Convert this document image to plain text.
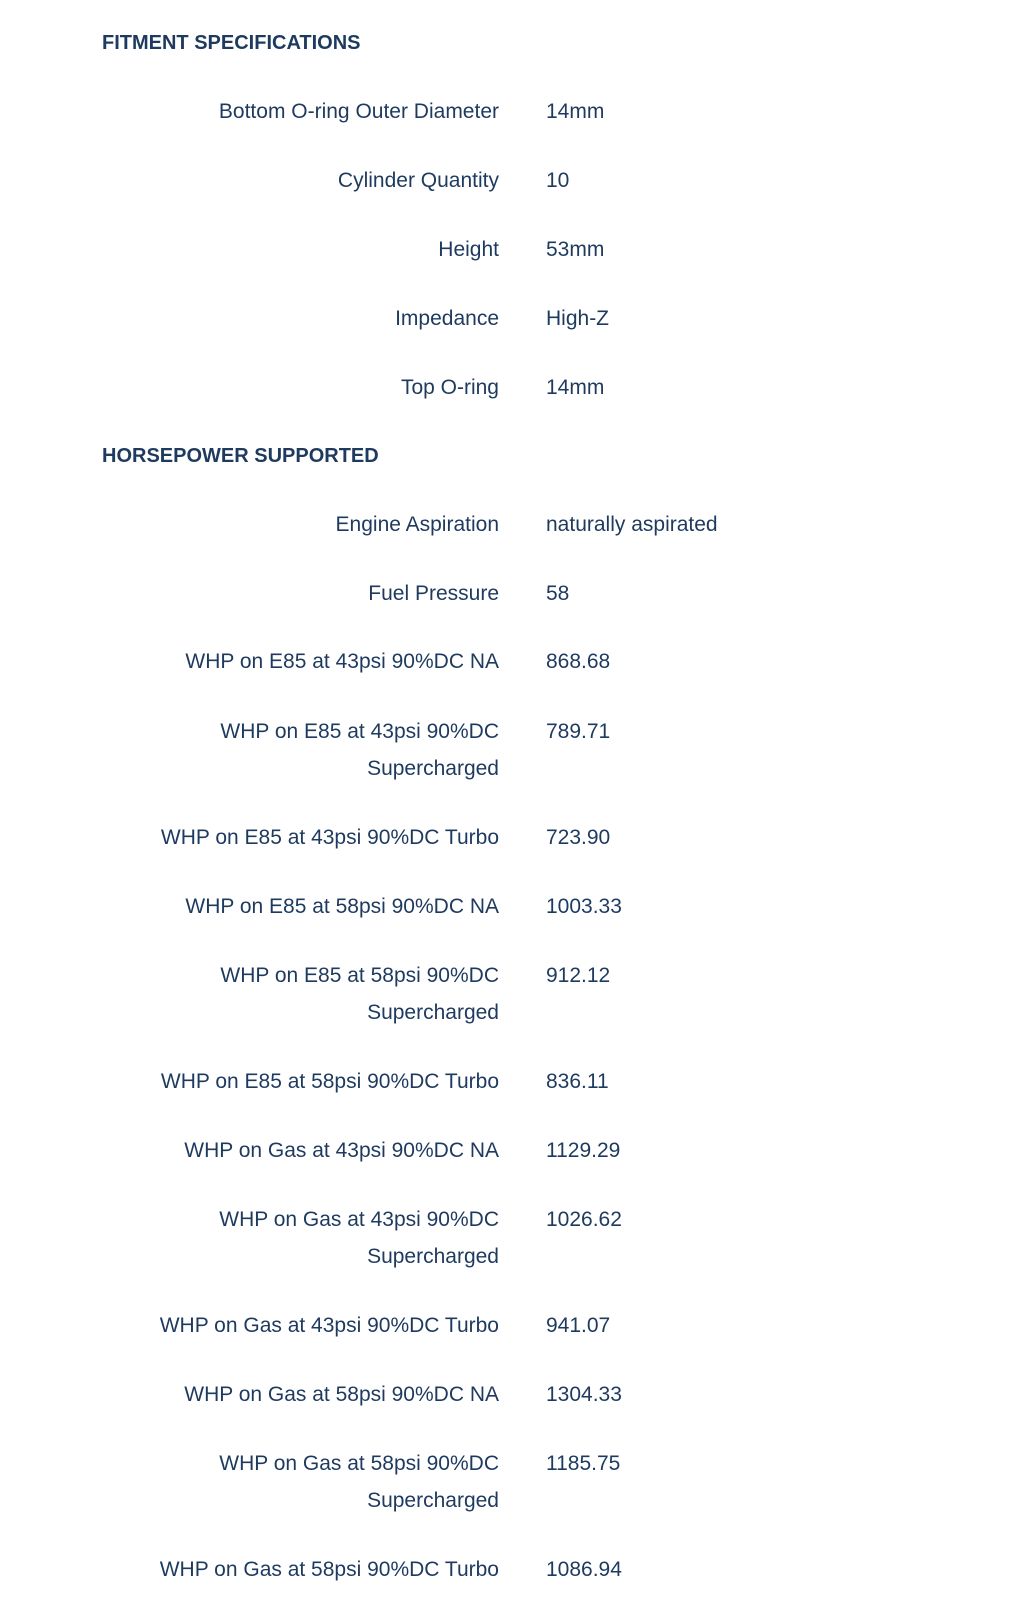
FITMENT SPECIFICATIONS
Bottom O-ring Outer Diameter 14mm
Cylinder Quantity 10
Height 53mm
Impedance High-Z
Top O-ring 14mm
HORSEPOWER SUPPORTED
Engine Aspiration naturally aspirated
Fuel Pressure 58
WHP on E85 at 43psi 90%DC NA 868.68
WHP on E85 at 43psi 90%DC Supercharged
789.71
WHP on E85 at 43psi 90%DC Turbo 723.90
WHP on E85 at 58psi 90%DC NA 1003.33
WHP on E85 at 58psi 90%DC Supercharged
912.12
WHP on E85 at 58psi 90%DC Turbo 836.11
WHP on Gas at 43psi 90%DC NA 1129.29
WHP on Gas at 43psi 90%DC Supercharged
1026.62
WHP on Gas at 43psi 90%DC Turbo 941.07
WHP on Gas at 58psi 90%DC NA 1304.33
WHP on Gas at 58psi 90%DC Supercharged
1185.75
WHP on Gas at 58psi 90%DC Turbo 1086.94
